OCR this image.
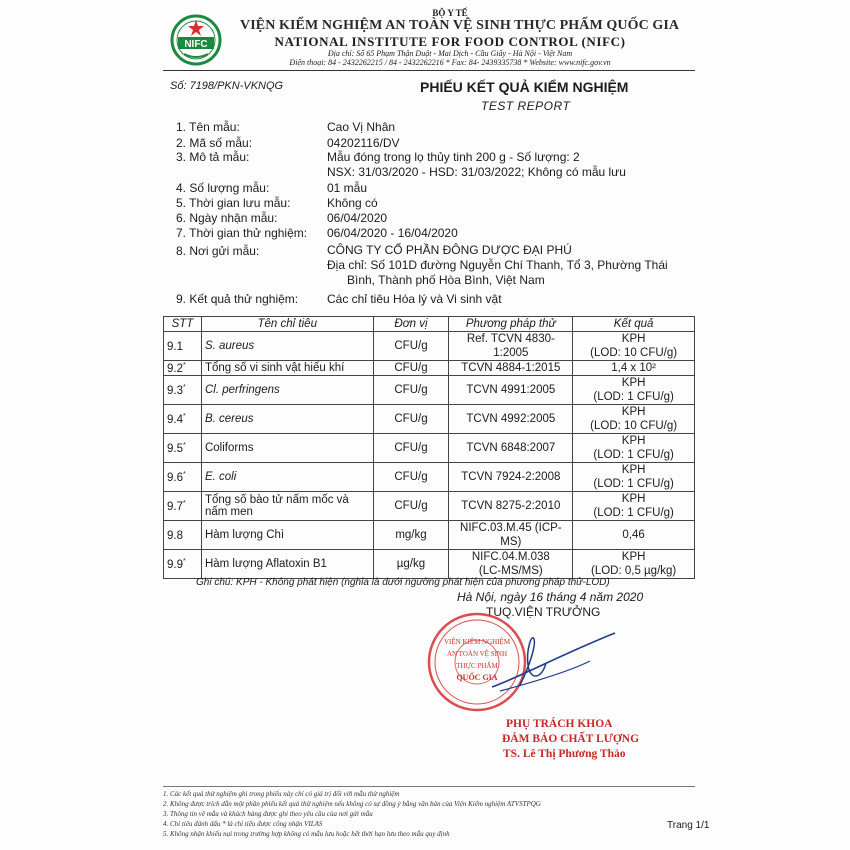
NIFC
BỘ Y TẾ
VIỆN KIỂM NGHIỆM AN TOÀN VỆ SINH THỰC PHẨM QUỐC GIA
NATIONAL INSTITUTE FOR FOOD CONTROL (NIFC)
Địa chỉ: Số 65 Phạm Thận Duật - Mai Dịch - Cầu Giấy - Hà Nội - Việt Nam
Điện thoại: 84 - 2432262215 / 84 - 2432262216 * Fax: 84- 2439335738 * Website: www.nifc.gov.vn
Số: 7198/PKN-VKNQG	PHIẾU KẾT QUẢ KIỂM NGHIỆM
TEST REPORT
1. Tên mẫu:	Cao Vị Nhân
2. Mã số mẫu:	04202116/DV
3. Mô tả mẫu:	Mẫu đóng trong lọ thủy tinh 200 g - Số lượng: 2
NSX: 31/03/2020 - HSD: 31/03/2022; Không có mẫu lưu
4. Số lượng mẫu:	01 mẫu
5. Thời gian lưu mẫu:	Không có
6. Ngày nhận mẫu:	06/04/2020
7. Thời gian thử nghiệm: 06/04/2020 - 16/04/2020
8. Nơi gửi mẫu:	CÔNG TY CỔ PHẦN ĐÔNG DƯỢC ĐẠI PHÚ
Địa chỉ: Số 101D đường Nguyễn Chí Thanh, Tổ 3, Phường Thái
Bình, Thành phố Hòa Bình, Việt Nam
9. Kết quả thử nghiệm: Các chỉ tiêu Hóa lý và Vi sinh vật
STT	Tên chỉ tiêu	Đơn vị	Phương pháp thử	Kết quả
9.1	S. aureus	CFU/g	Ref. TCVN 4830-1:2005	KPH
(LOD: 10 CFU/g)

9.2*	Tổng số vi sinh vật hiếu khí	CFU/g	TCVN 4884-1:2015	1,4 x 10²

9.3*	Cl. perfringens	CFU/g	TCVN 4991:2005	KPH
(LOD: 1 CFU/g)

9.4*	B. cereus	CFU/g	TCVN 4992:2005	KPH
(LOD: 10 CFU/g)

9.5*	Coliforms	CFU/g	TCVN 6848:2007	KPH
(LOD: 1 CFU/g)

9.6*	E. coli	CFU/g	TCVN 7924-2:2008	KPH
(LOD: 1 CFU/g)

9.7*	Tổng số bào tử nấm mốc và nấm men	CFU/g	TCVN 8275-2:2010	KPH
(LOD: 1 CFU/g)

9.8	Hàm lượng Chì	mg/kg	NIFC.03.M.45 (ICP-MS)	0,46

9.9*	Hàm lượng Aflatoxin B1	µg/kg	NIFC.04.M.038
(LC-MS/MS)	KPH
(LOD: 0,5 µg/kg)
Ghi chú: KPH - Không phát hiện (nghĩa là dưới ngưỡng phát hiện của phương pháp thử-LOD)
Hà Nội, ngày 16 tháng 4 năm 2020
TUQ.VIỆN TRƯỞNG
VIỆN KIỂM NGHIỆM
AN TOÀN VỆ SINH
THỰC PHẨM
QUỐC GIA
PHỤ TRÁCH KHOA
ĐẢM BẢO CHẤT LƯỢNG
TS. Lê Thị Phương Thảo
1. Các kết quả thử nghiệm ghi trong phiếu này chỉ có giá trị đối với mẫu thử nghiệm
2. Không được trích dẫn một phần phiếu kết quả thử nghiệm nếu không có sự đồng ý bằng văn bản của Viện Kiểm nghiệm ATVSTPQG
3. Thông tin về mẫu và khách hàng được ghi theo yêu cầu của nơi gửi mẫu
4. Chỉ tiêu đánh dấu * là chỉ tiêu được công nhận VILAS
5. Không nhận khiếu nại trong trường hợp không có mẫu lưu hoặc hết thời hạn lưu theo mẫu quy định
Trang 1/1
